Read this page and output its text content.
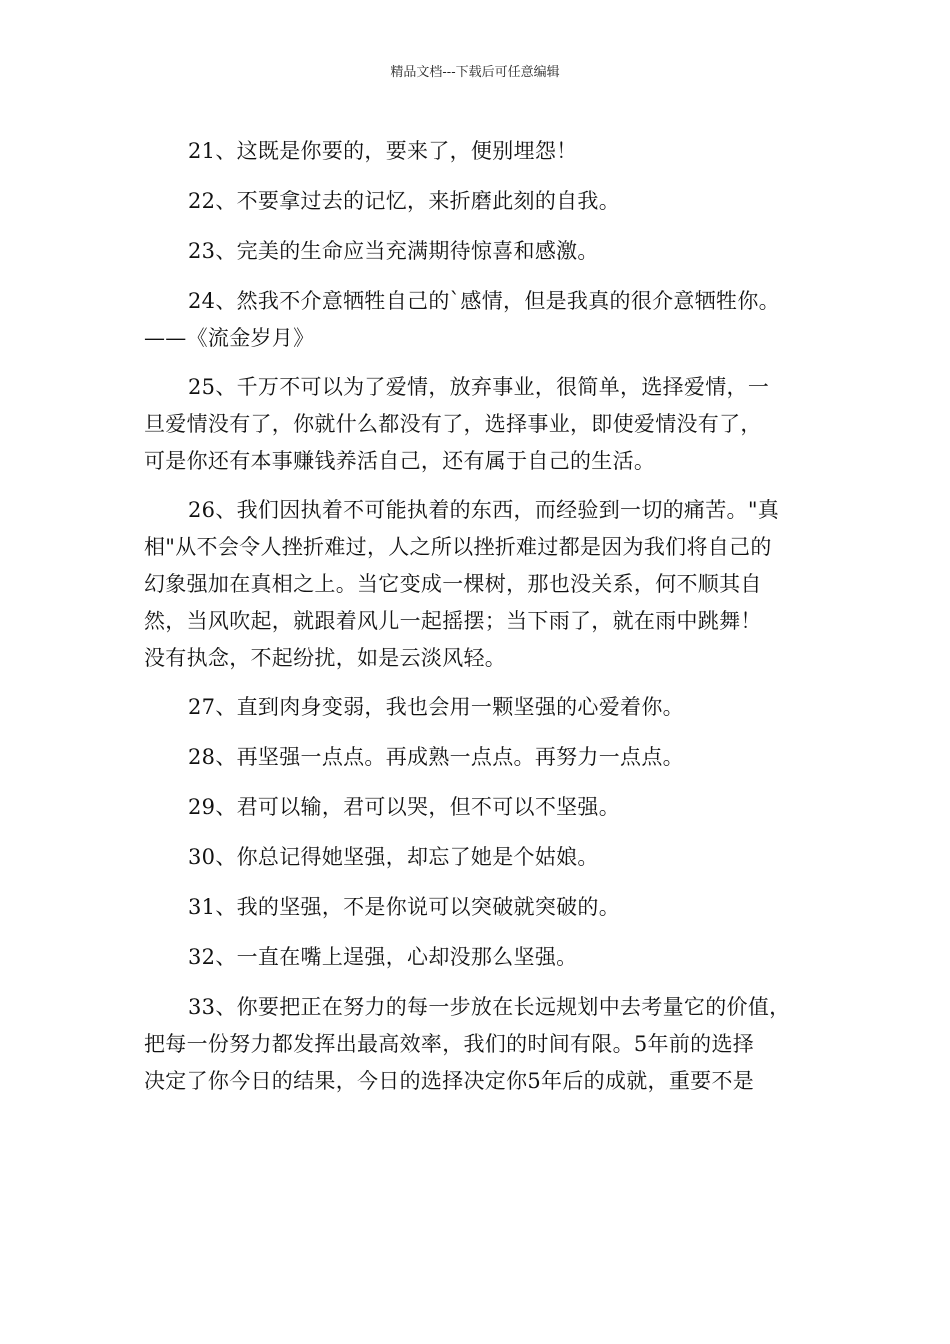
精品文档---下载后可任意编辑

21、这既是你要的，要来了，便别埋怨！

22、不要拿过去的记忆，来折磨此刻的自我。

23、完美的生命应当充满期待惊喜和感激。

24、然我不介意牺牲自己的`感情，但是我真的很介意牺牲你。
——《流金岁月》

25、千万不可以为了爱情，放弃事业，很简单，选择爱情，一
旦爱情没有了，你就什么都没有了，选择事业，即使爱情没有了，
可是你还有本事赚钱养活自己，还有属于自己的生活。

26、我们因执着不可能执着的东西，而经验到一切的痛苦。"真
相"从不会令人挫折难过，人之所以挫折难过都是因为我们将自己的
幻象强加在真相之上。当它变成一棵树，那也没关系，何不顺其自
然，当风吹起，就跟着风儿一起摇摆；当下雨了，就在雨中跳舞！
没有执念，不起纷扰，如是云淡风轻。

27、直到肉身变弱，我也会用一颗坚强的心爱着你。

28、再坚强一点点。再成熟一点点。再努力一点点。

29、君可以输，君可以哭，但不可以不坚强。

30、你总记得她坚强，却忘了她是个姑娘。

31、我的坚强，不是你说可以突破就突破的。

32、一直在嘴上逞强，心却没那么坚强。

33、你要把正在努力的每一步放在长远规划中去考量它的价值，
把每一份努力都发挥出最高效率，我们的时间有限。5年前的选择
决定了你今日的结果，今日的选择决定你5年后的成就，重要不是
